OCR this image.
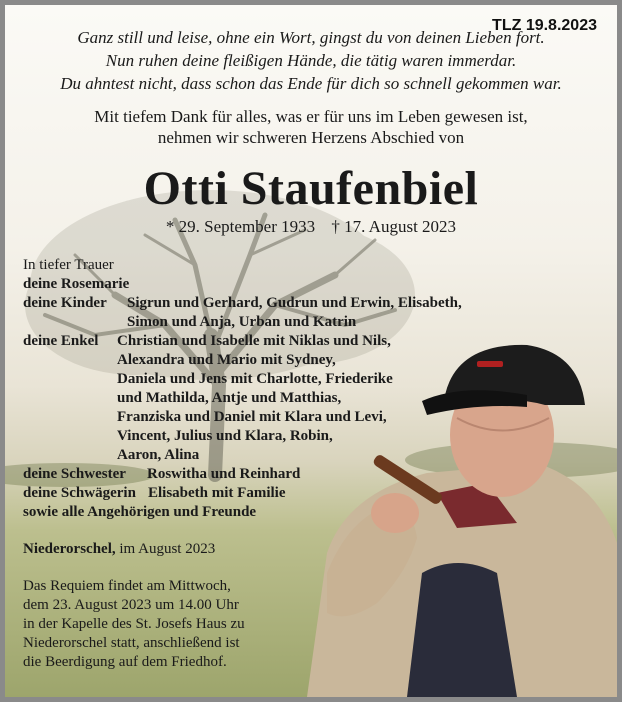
TLZ 19.8.2023
Ganz still und leise, ohne ein Wort, gingst du von deinen Lieben fort.
Nun ruhen deine fleißigen Hände, die tätig waren immerdar.
Du ahntest nicht, dass schon das Ende für dich so schnell gekommen war.
Mit tiefem Dank für alles, was er für uns im Leben gewesen ist,
nehmen wir schweren Herzens Abschied von
Otti Staufenbiel
* 29. September 1933 † 17. August 2023
In tiefer Trauer
deine Rosemarie
deine Kinder	Sigrun und Gerhard, Gudrun und Erwin, Elisabeth,
Simon und Anja, Urban und Katrin
deine Enkel	Christian und Isabelle mit Niklas und Nils,
Alexandra und Mario mit Sydney,
Daniela und Jens mit Charlotte, Friederike
und Mathilda, Antje und Matthias,
Franziska und Daniel mit Klara und Levi,
Vincent, Julius und Klara, Robin,
Aaron, Alina
deine Schwester	Roswitha und Reinhard
deine Schwägerin Elisabeth mit Familie
sowie alle Angehörigen und Freunde
Niederorschel, im August 2023
Das Requiem findet am Mittwoch,
dem 23. August 2023 um 14.00 Uhr
in der Kapelle des St. Josefs Haus zu
Niederorschel statt, anschließend ist
die Beerdigung auf dem Friedhof.
